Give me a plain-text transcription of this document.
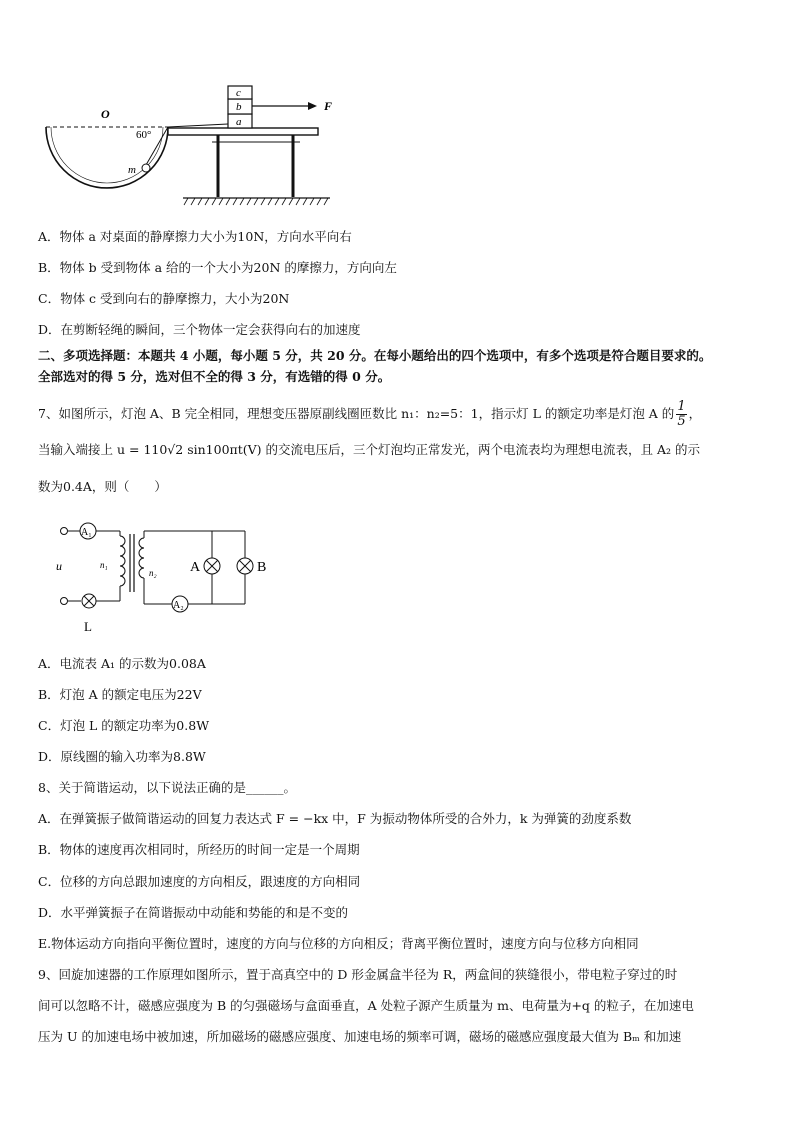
O
60°
m
c
b
a
F
A．物体 a 对桌面的静摩擦力大小为10N，方向水平向右
B．物体 b 受到物体 a 给的一个大小为20N 的摩擦力，方向向左
C．物体 c 受到向右的静摩擦力，大小为20N
D．在剪断轻绳的瞬间，三个物体一定会获得向右的加速度
二、多项选择题：本题共 4 小题，每小题 5 分，共 20 分。在每小题给出的四个选项中，有多个选项是符合题目要求的。
全部选对的得 5 分，选对但不全的得 3 分，有选错的得 0 分。
7、如图所示，灯泡 A、B 完全相同，理想变压器原副线圈匝数比 n₁：n₂=5：1，指示灯 L 的额定功率是灯泡 A 的 $\frac{1}{5}$ ，
当输入端接上 u = 110√2 sin100πt(V) 的交流电压后，三个灯泡均正常发光，两个电流表均为理想电流表，且 A₂ 的示
数为0.4A，则（　　）
A₁
L
u	n₁
n₂
A₂
A	B
A．电流表 A₁ 的示数为0.08A
B．灯泡 A 的额定电压为22V
C．灯泡 L 的额定功率为0.8W
D．原线圈的输入功率为8.8W
8、关于简谐运动，以下说法正确的是______。
A．在弹簧振子做简谐运动的回复力表达式 F = −kx 中，F 为振动物体所受的合外力，k 为弹簧的劲度系数
B．物体的速度再次相同时，所经历的时间一定是一个周期
C．位移的方向总跟加速度的方向相反，跟速度的方向相同
D．水平弹簧振子在简谐振动中动能和势能的和是不变的
E.物体运动方向指向平衡位置时，速度的方向与位移的方向相反；背离平衡位置时，速度方向与位移方向相同
9、回旋加速器的工作原理如图所示，置于高真空中的 D 形金属盒半径为 R，两盒间的狭缝很小，带电粒子穿过的时
间可以忽略不计，磁感应强度为 B 的匀强磁场与盒面垂直，A 处粒子源产生质量为 m、电荷量为+q 的粒子，在加速电
压为 U 的加速电场中被加速，所加磁场的磁感应强度、加速电场的频率可调，磁场的磁感应强度最大值为 Bₘ 和加速
